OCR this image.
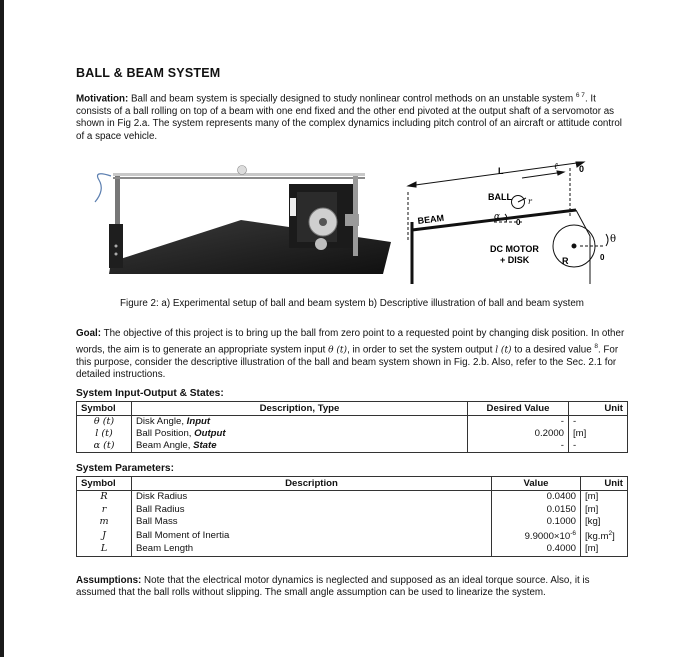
BALL & BEAM SYSTEM

Motivation: Ball and beam system is specially designed to study nonlinear control methods on an unstable system $^{6 7}$. It consists of a ball rolling on top of a beam with one end fixed and the other end pivoted at the output shaft of a servomotor as shown in Fig 2.a. The system represents many of the complex dynamics including pitch control of an aircraft or attitude control of a space vehicle.

L	ℓ 0
BALL r
BEAM	α
0
DC MOTOR
+ DISK	R
θ
0

Figure 2: a) Experimental setup of ball and beam system b) Descriptive illustration of ball and beam system

Goal: The objective of this project is to bring up the ball from zero point to a requested point by changing disk position. In other words, the aim is to generate an appropriate system input θ (t), in order to set the system output l (t) to a desired value $^8$. For this purpose, consider the descriptive illustration of the ball and beam system shown in Fig. 2.b. Also, refer to the Sec. 2.1 for detailed instructions.

System Input-Output & States:
Symbol	Description, Type	Desired Value	Unit
θ (t)	Disk Angle, Input	-	-
l (t)	Ball Position, Output	0.2000	[m]
α (t)	Beam Angle, State	-	-
System Parameters:
Symbol	Description	Value	Unit
R	Disk Radius	0.0400	[m]
r	Ball Radius	0.0150	[m]
m	Ball Mass	0.1000	[kg]
J	Ball Moment of Inertia	$9.9000\times 10^{-6}$	$[kg.m^2]$
L	Beam Length	0.4000	[m]

Assumptions: Note that the electrical motor dynamics is neglected and supposed as an ideal torque source. Also, it is assumed that the ball rolls without slipping. The small angle assumption can be used to linearize the system.
